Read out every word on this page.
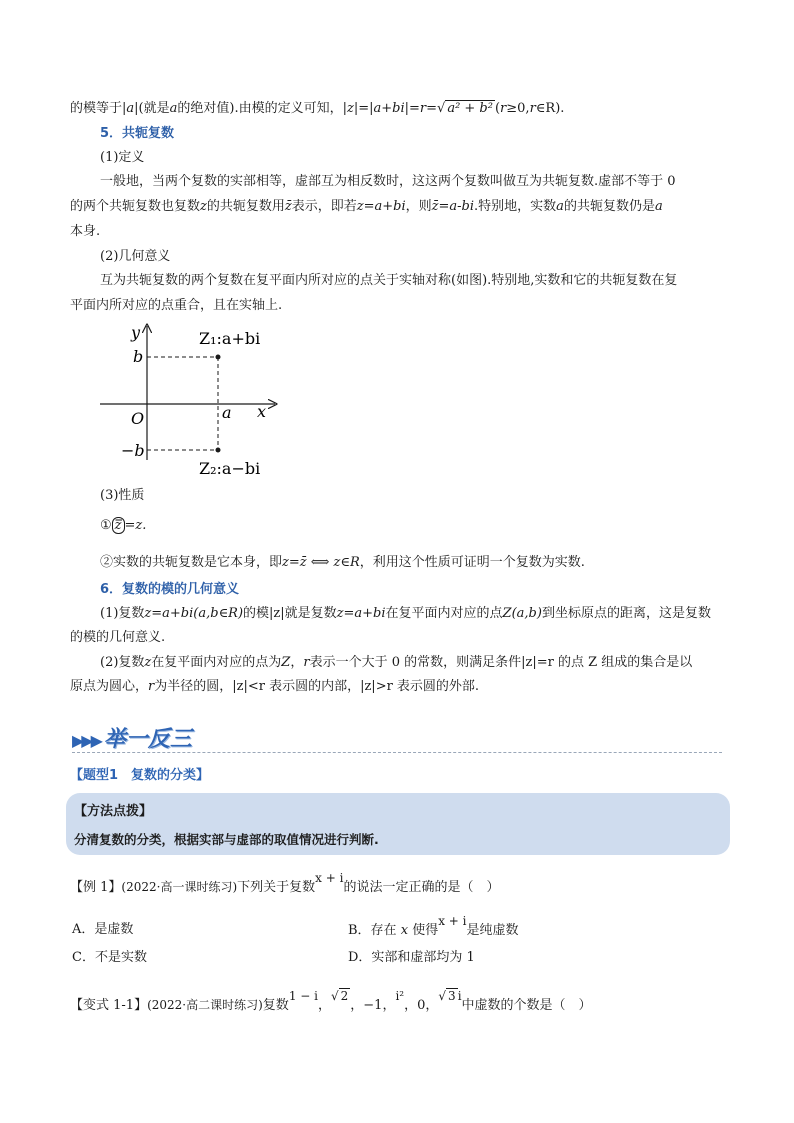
的模等于|a|(就是a的绝对值).由模的定义可知，|z|=|a+bi|=r=√ a² + b² (r≥0,r∈R).
5．共轭复数
(1)定义
一般地，当两个复数的实部相等，虚部互为相反数时，这这两个复数叫做互为共轭复数.虚部不等于 0
的两个共轭复数也复数z的共轭复数用z̄表示，即若z=a+bi，则z̄=a-bi.特别地，实数a的共轭复数仍是a
本身.
(2)几何意义
互为共轭复数的两个复数在复平面内所对应的点关于实轴对称(如图).特别地,实数和它的共轭复数在复
平面内所对应的点重合，且在实轴上.
y
x
O
b
−b
a
Z₁:a+bi
Z₂:a−bi
(3)性质
① z̿ =z.
②实数的共轭复数是它本身，即z=z̄ ⟺ z∈R，利用这个性质可证明一个复数为实数.
6．复数的模的几何意义
(1)复数z=a+bi(a,b∈R)的模|z|就是复数z=a+bi在复平面内对应的点Z(a,b)到坐标原点的距离，这是复数
的模的几何意义.
(2)复数z在复平面内对应的点为Z，r表示一个大于 0 的常数，则满足条件|z|=r 的点 Z 组成的集合是以
原点为圆心，r为半径的圆，|z|<r 表示圆的内部，|z|>r 表示圆的外部.
▶▶▶ 举一反三
【题型1　复数的分类】
【方法点拨】
分清复数的分类，根据实部与虚部的取值情况进行判断.
【例 1】(2022·高一课时练习)下列关于复数x + i的说法一定正确的是（　）
A．是虚数	B．存在 x 使得x + i是纯虚数
C．不是实数	D．实部和虚部均为 1
【变式 1-1】(2022·高二课时练习)复数1 − i，√ 2，−1，i²，0，√ 3 i中虚数的个数是（　）
